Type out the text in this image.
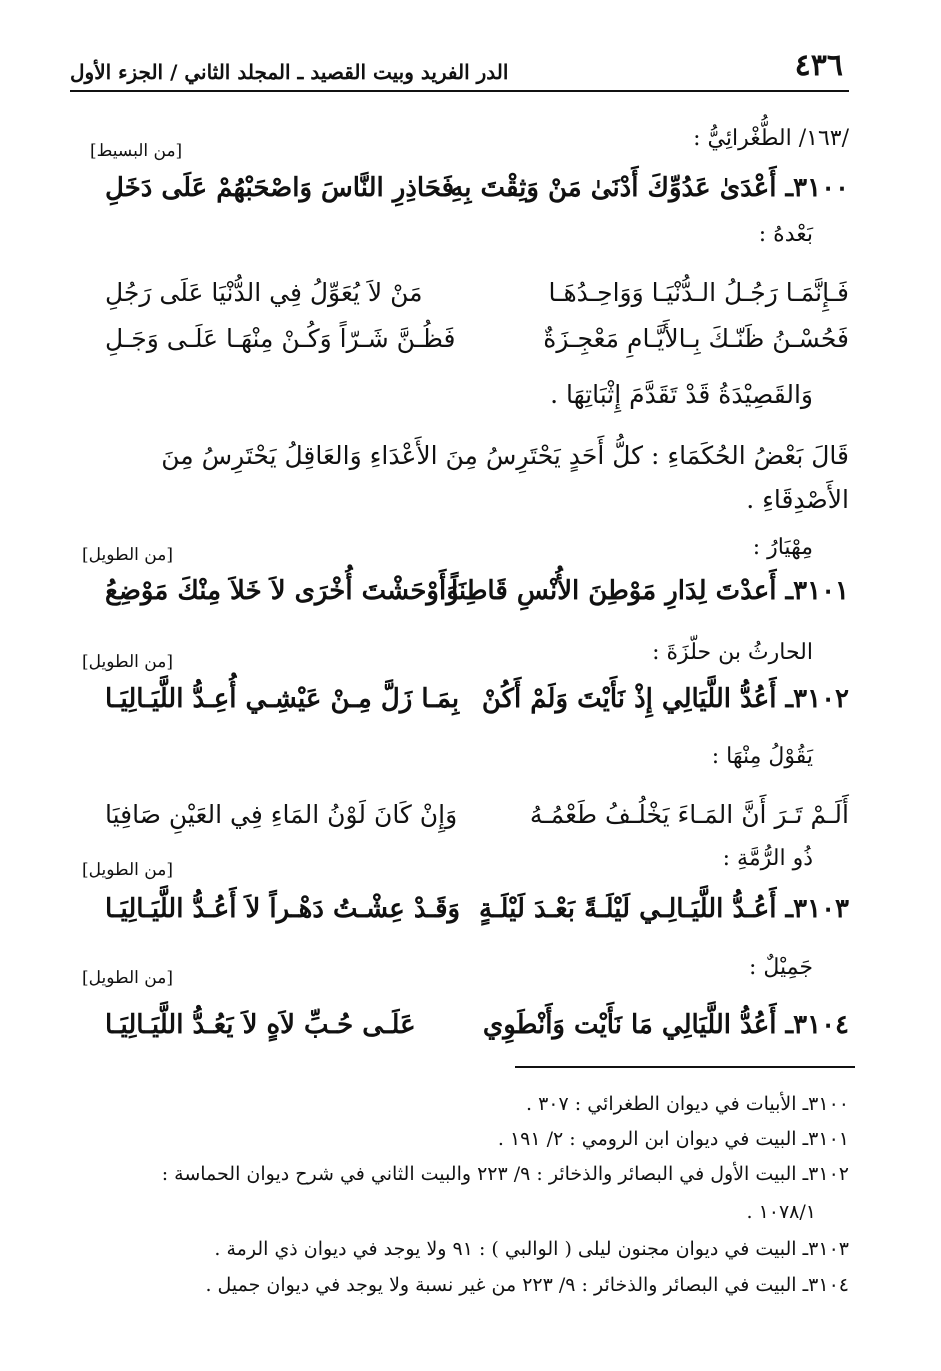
٤٣٦
الدر الفريد وبيت القصيد ـ المجلد الثاني / الجزء الأول
/١٦٣/ الطُّغْرائِيُّ :
[من البسيط]
٣١٠٠ـ أَعْدَىٰ عَدُوِّكَ أَدْنَىٰ مَنْ وَثِقْتَ بِهِ
فَحَاذِرِ النَّاسَ وَاصْحَبْهُمْ عَلَى دَخَلِ
بَعْدهُ :
فَـإِنَّمَـا رَجُـلُ الـدُّنْيَـا وَوَاحِـدُهَـا
مَنْ لاَ يُعَوِّلُ فِي الدُّنْيَا عَلَى رَجُلِ
فَحُسْـنُ ظَنّـكَ بِـالأَيَّـامِ مَعْجِـزَةٌ
فَظُـنَّ شَـرّاً وَكُـنْ مِنْهَـا عَلَـى وَجَـلِ
وَالقَصِيْدَةُ قَدْ تَقَدَّمَ إِثْبَاتِهَا .
قَالَ بَعْضُ الحُكَمَاءِ : كلُّ أَحَدٍ يَحْتَرِسُ مِنَ الأَعْدَاءِ وَالعَاقِلُ يَحْتَرِسُ مِنَ
الأَصْدِقَاءِ .
مِهْيَارُ :
[من الطويل]
٣١٠١ـ أَعدْتَ لِدَارِ مَوْطِنَ الأُنْسِ قَاطِنَاً
وَأَوْحَشْتَ أُخْرَى لاَ خَلاَ مِنْكَ مَوْضِعُ
الحارثُ بن حلّزَةَ :
[من الطويل]
٣١٠٢ـ أَعُدُّ اللَّيَالِي إِذْ نَأَيْتَ وَلَمْ أَكُنْ
بِمَـا زَلَّ مِـنْ عَيْشِـي أُعِـدُّ اللَّيَـالِيَـا
يَقُوْلُ مِنْهَا :
أَلَـمْ تَـرَ أَنَّ المَـاءَ يَخْلُـفُ طَعْمُـهُ
وَإِنْ كَانَ لَوْنُ المَاءِ فِي العَيْنِ صَافِيَا
ذُو الرُّمَّةِ :
[من الطويل]
٣١٠٣ـ أَعُـدُّ اللَّيَـالِـي لَيْلَـةً بَعْـدَ لَيْلَـةٍ
وَقَـدْ عِشْـتُ دَهْـراً لاَ أَعُـدُّ اللَّيَـالِيَـا
جَمِيْلٌ :
[من الطويل]
٣١٠٤ـ أَعُدُّ اللَّيَالِي مَا نَأَيْت وَأَنْطَوِي
عَلَـى حُـبِّ لاَهٍ لاَ يَعُـدُّ اللَّيَـالِيَـا
٣١٠٠ـ الأبيات في ديوان الطغرائي : ٣٠٧ .
٣١٠١ـ البيت في ديوان ابن الرومي : ٢/ ١٩١ .
٣١٠٢ـ البيت الأول في البصائر والذخائر : ٩/ ٢٢٣ والبيت الثاني في شرح ديوان الحماسة :
١٠٧٨/١ .
٣١٠٣ـ البيت في ديوان مجنون ليلى ( الوالبي ) : ٩١ ولا يوجد في ديوان ذي الرمة .
٣١٠٤ـ البيت في البصائر والذخائر : ٩/ ٢٢٣ من غير نسبة ولا يوجد في ديوان جميل .
